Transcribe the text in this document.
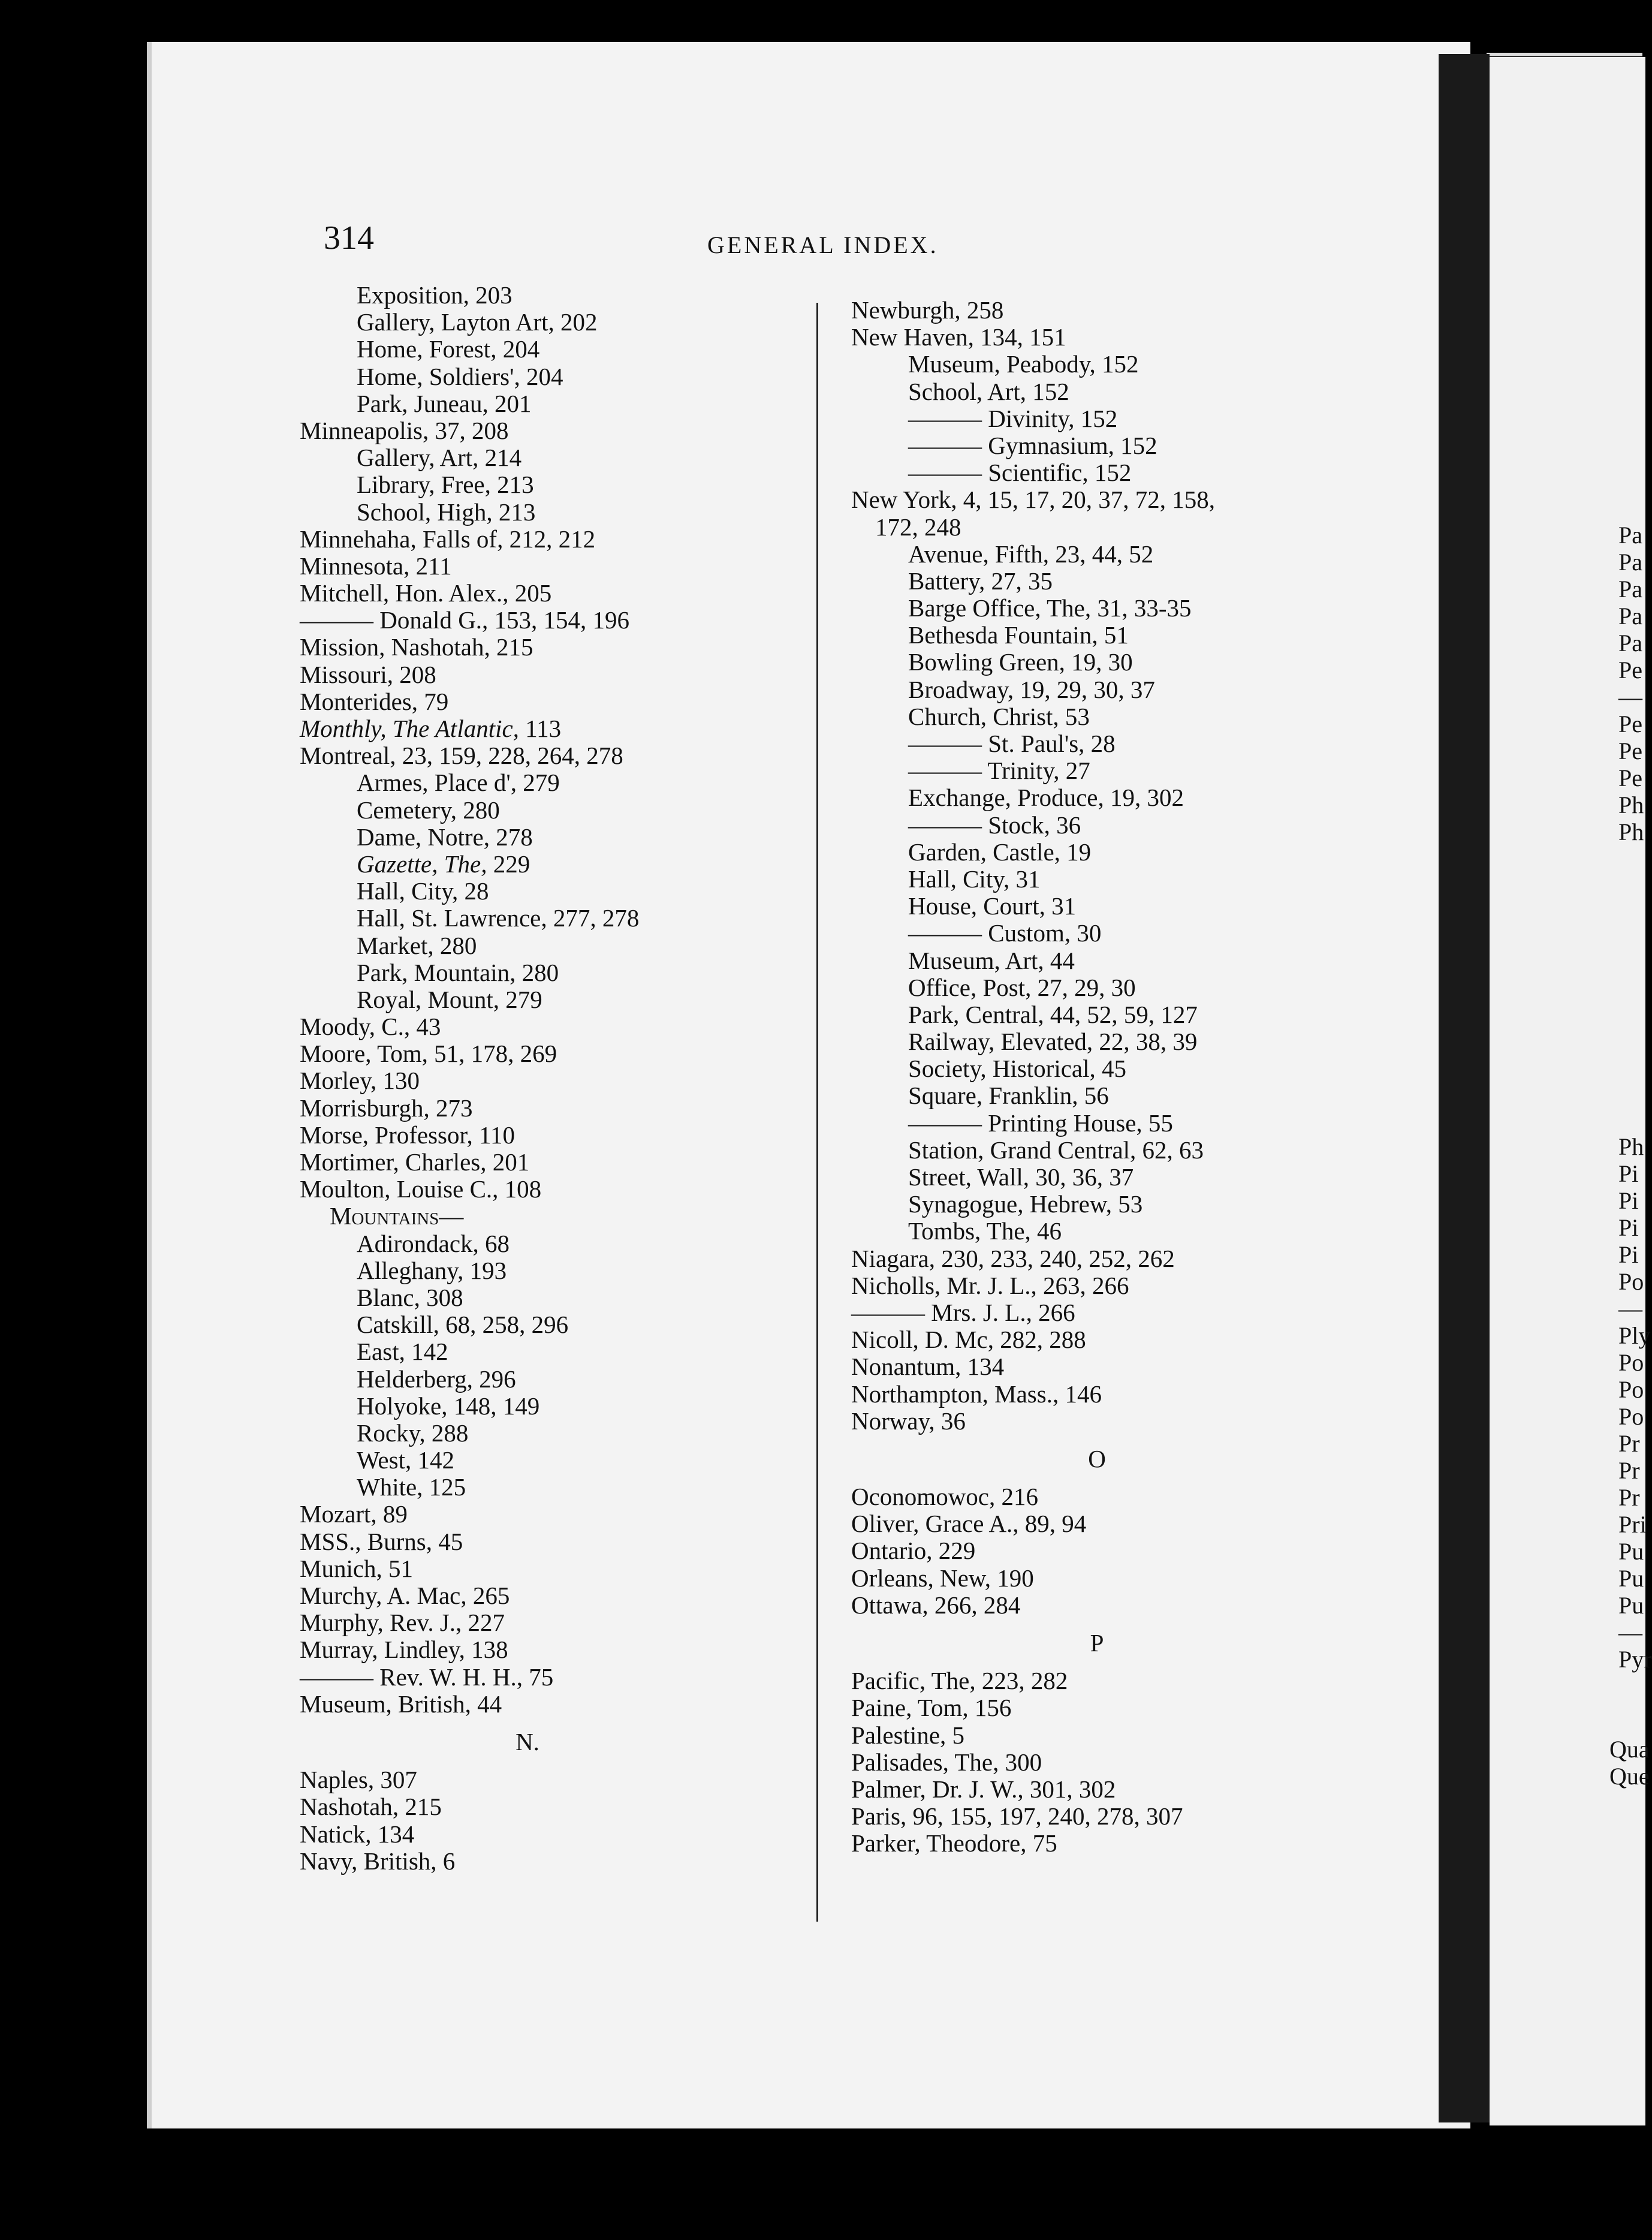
314	GENERAL INDEX.
Exposition, 203
Gallery, Layton Art, 202
Home, Forest, 204
Home, Soldiers', 204
Park, Juneau, 201
Minneapolis, 37, 208
Gallery, Art, 214
Library, Free, 213
School, High, 213
Minnehaha, Falls of, 212, 212
Minnesota, 211
Mitchell, Hon. Alex., 205
——— Donald G., 153, 154, 196
Mission, Nashotah, 215
Missouri, 208
Monterides, 79
Monthly, The Atlantic, 113
Montreal, 23, 159, 228, 264, 278
Armes, Place d', 279
Cemetery, 280
Dame, Notre, 278
Gazette, The, 229
Hall, City, 28
Hall, St. Lawrence, 277, 278
Market, 280
Park, Mountain, 280
Royal, Mount, 279
Moody, C., 43
Moore, Tom, 51, 178, 269
Morley, 130
Morrisburgh, 273
Morse, Professor, 110
Mortimer, Charles, 201
Moulton, Louise C., 108
Mountains—
Adirondack, 68
Alleghany, 193
Blanc, 308
Catskill, 68, 258, 296
East, 142
Helderberg, 296
Holyoke, 148, 149
Rocky, 288
West, 142
White, 125
Mozart, 89
MSS., Burns, 45
Munich, 51
Murchy, A. Mac, 265
Murphy, Rev. J., 227
Murray, Lindley, 138
——— Rev. W. H. H., 75
Museum, British, 44
N.
Naples, 307
Nashotah, 215
Natick, 134
Navy, British, 6
Newburgh, 258
New Haven, 134, 151
Museum, Peabody, 152
School, Art, 152
——— Divinity, 152
——— Gymnasium, 152
——— Scientific, 152
New York, 4, 15, 17, 20, 37, 72, 158,
172, 248
Avenue, Fifth, 23, 44, 52
Battery, 27, 35
Barge Office, The, 31, 33-35
Bethesda Fountain, 51
Bowling Green, 19, 30
Broadway, 19, 29, 30, 37
Church, Christ, 53
——— St. Paul's, 28
——— Trinity, 27
Exchange, Produce, 19, 302
——— Stock, 36
Garden, Castle, 19
Hall, City, 31
House, Court, 31
——— Custom, 30
Museum, Art, 44
Office, Post, 27, 29, 30
Park, Central, 44, 52, 59, 127
Railway, Elevated, 22, 38, 39
Society, Historical, 45
Square, Franklin, 56
——— Printing House, 55
Station, Grand Central, 62, 63
Street, Wall, 30, 36, 37
Synagogue, Hebrew, 53
Tombs, The, 46
Niagara, 230, 233, 240, 252, 262
Nicholls, Mr. J. L., 263, 266
——— Mrs. J. L., 266
Nicoll, D. Mc, 282, 288
Nonantum, 134
Northampton, Mass., 146
Norway, 36
O
Oconomowoc, 216
Oliver, Grace A., 89, 94
Ontario, 229
Orleans, New, 190
Ottawa, 266, 284
P
Pacific, The, 223, 282
Paine, Tom, 156
Palestine, 5
Palisades, The, 300
Palmer, Dr. J. W., 301, 302
Paris, 96, 155, 197, 240, 278, 307
Parker, Theodore, 75
Pa
Pa
Pa
Pa
Pa
Pe
—
Pe
Pe
Pe
Ph
Ph
Ph
Pi
Pi
Pi
Pi
Po
—
Ply
Po
Po
Po
Pr
Pr
Pr
Pri
Pu
Pu
Pu
—
Pyr
Qua
Que
